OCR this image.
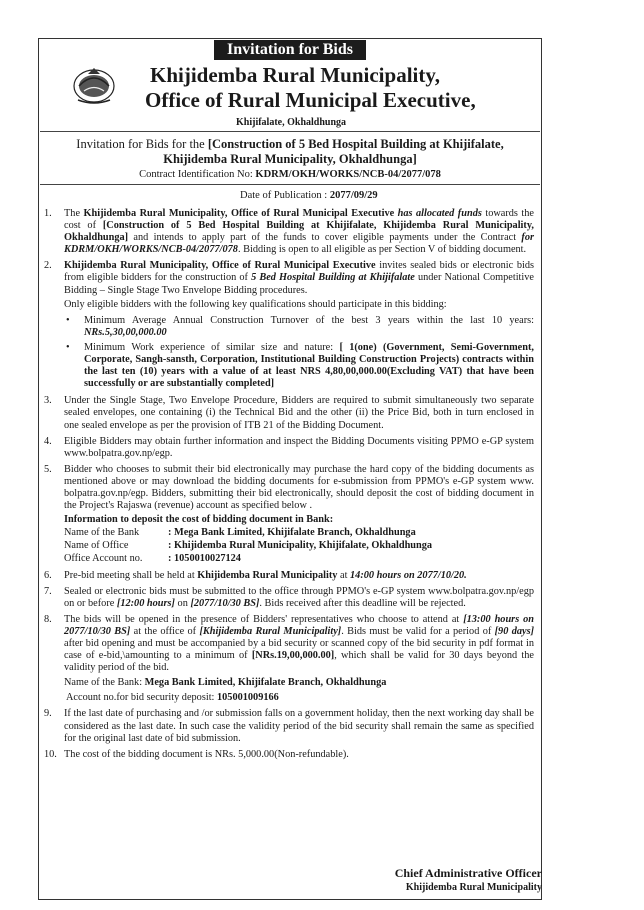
Invitation for Bids
Khijidemba Rural Municipality,
Office of Rural Municipal Executive,
Khijifalate, Okhaldhunga
Invitation for Bids for the [Construction of 5 Bed Hospital Building at Khijifalate,
Khijidemba Rural Municipality, Okhaldhunga]
Contract Identification No: KDRM/OKH/WORKS/NCB-04/2077/078
Date of Publication : 2077/09/29
1.	The Khijidemba Rural Municipality, Office of Rural Municipal Executive has allocated funds towards the cost of [Construction of 5 Bed Hospital Building at Khijifalate, Khijidemba Rural Municipality, Okhaldhunga] and intends to apply part of the funds to cover eligible payments under the Contract for KDRM/OKH/WORKS/NCB-04/2077/078. Bidding is open to all eligible as per Section V of bidding document.

2.	Khijidemba Rural Municipality, Office of Rural Municipal Executive invites sealed bids or electronic bids from eligible bidders for the construction of 5 Bed Hospital Building at Khijifalate under National Competitive Bidding – Single Stage Two Envelope Bidding procedures.

Only eligible bidders with the following key qualifications should participate in this bidding:

• Minimum Average Annual Construction Turnover of the best 3 years within the last 10 years: NRs.5,30,00,000.00

• Minimum Work experience of similar size and nature: [ 1(one) (Government, Semi-Government, Corporate, Sangh-sansth, Corporation, Institutional Building Construction Projects) contracts within the last ten (10) years with a value of at least NRS 4,80,00,000.00(Excluding VAT) that have been successfully or are substantially completed]

3.	Under the Single Stage, Two Envelope Procedure, Bidders are required to submit simultaneously two separate sealed envelopes, one containing (i) the Technical Bid and the other (ii) the Price Bid, both in turn enclosed in one sealed envelope as per the provision of ITB 21 of the Bidding Document.

4.	Eligible Bidders may obtain further information and inspect the Bidding Documents visiting PPMO e-GP system www.bolpatra.gov.np/egp.

5.	Bidder who chooses to submit their bid electronically may purchase the hard copy of the bidding documents as mentioned above or may download the bidding documents for e-submission from PPMO's e-GP system www. bolpatra.gov.np/egp. Bidders, submitting their bid electronically, should deposit the cost of bidding document in the Project's Rajaswa (revenue) account as specified below .

Information to deposit the cost of bidding document in Bank:

Name of the Bank	: Mega Bank Limited, Khijifalate Branch, Okhaldhunga
Name of Office	: Khijidemba Rural Municipality, Khijifalate, Okhaldhunga
Office Account no.	: 1050010027124
6.	Pre-bid meeting shall be held at Khijidemba Rural Municipality at 14:00 hours on 2077/10/20.

7.	Sealed or electronic bids must be submitted to the office through PPMO's e-GP system www.bolpatra.gov.np/egp on or before [12:00 hours] on [2077/10/30 BS]. Bids received after this deadline will be rejected.

8.	The bids will be opened in the presence of Bidders' representatives who choose to attend at [13:00 hours on 2077/10/30 BS] at the office of [Khijidemba Rural Municipality]. Bids must be valid for a period of [90 days] after bid opening and must be accompanied by a bid security or scanned copy of the bid security in pdf format in case of e-bid,\amounting to a minimum of [NRs.19,00,000.00], which shall be valid for 30 days beyond the validity period of the bid.

Name of the Bank: Mega Bank Limited, Khijifalate Branch, Okhaldhunga

Account no.for bid security deposit: 105001009166

9.	If the last date of purchasing and /or submission falls on a government holiday, then the next working day shall be considered as the last date. In such case the validity period of the bid security shall remain the same as specified for the original last date of bid submission.

10. The cost of the bidding document is NRs. 5,000.00(Non-refundable).

Chief Administrative Officer
Khijidemba Rural Municipality
